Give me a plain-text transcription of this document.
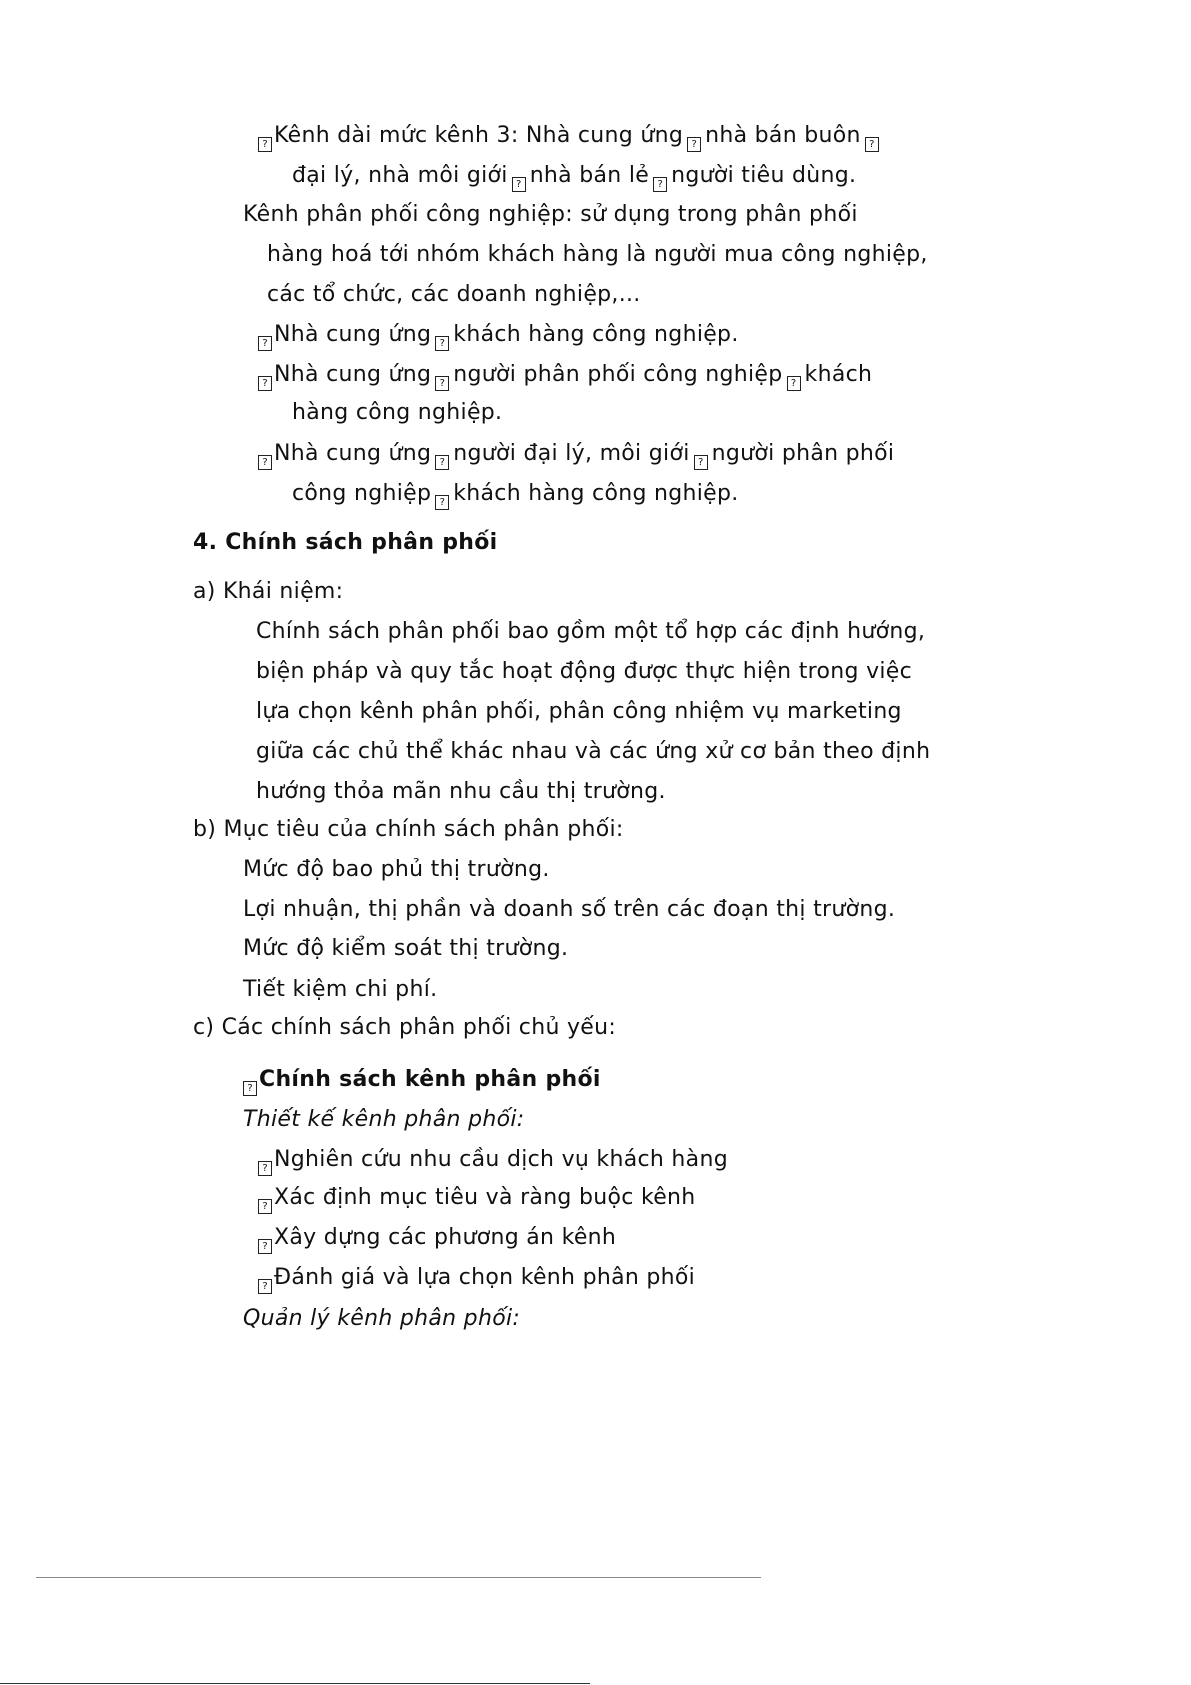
? Kênh dài mức kênh 3: Nhà cung ứng ? nhà bán buôn ?
đại lý, nhà môi giới ? nhà bán lẻ ? người tiêu dùng.
Kênh phân phối công nghiệp: sử dụng trong phân phối
hàng hoá tới nhóm khách hàng là người mua công nghiệp,
các tổ chức, các doanh nghiệp,...
? Nhà cung ứng ? khách hàng công nghiệp.
? Nhà cung ứng ? người phân phối công nghiệp ? khách
hàng công nghiệp.
? Nhà cung ứng ? người đại lý, môi giới ? người phân phối
công nghiệp ? khách hàng công nghiệp.
4. Chính sách phân phối
a) Khái niệm:
Chính sách phân phối bao gồm một tổ hợp các định hướng,
biện pháp và quy tắc hoạt động được thực hiện trong việc
lựa chọn kênh phân phối, phân công nhiệm vụ marketing
giữa các chủ thể khác nhau và các ứng xử cơ bản theo định
hướng thỏa mãn nhu cầu thị trường.
b) Mục tiêu của chính sách phân phối:
Mức độ bao phủ thị trường.
Lợi nhuận, thị phần và doanh số trên các đoạn thị trường.
Mức độ kiểm soát thị trường.
Tiết kiệm chi phí.
c) Các chính sách phân phối chủ yếu:
? Chính sách kênh phân phối
Thiết kế kênh phân phối:
? Nghiên cứu nhu cầu dịch vụ khách hàng
? Xác định mục tiêu và ràng buộc kênh
? Xây dựng các phương án kênh
? Đánh giá và lựa chọn kênh phân phối
Quản lý kênh phân phối:
